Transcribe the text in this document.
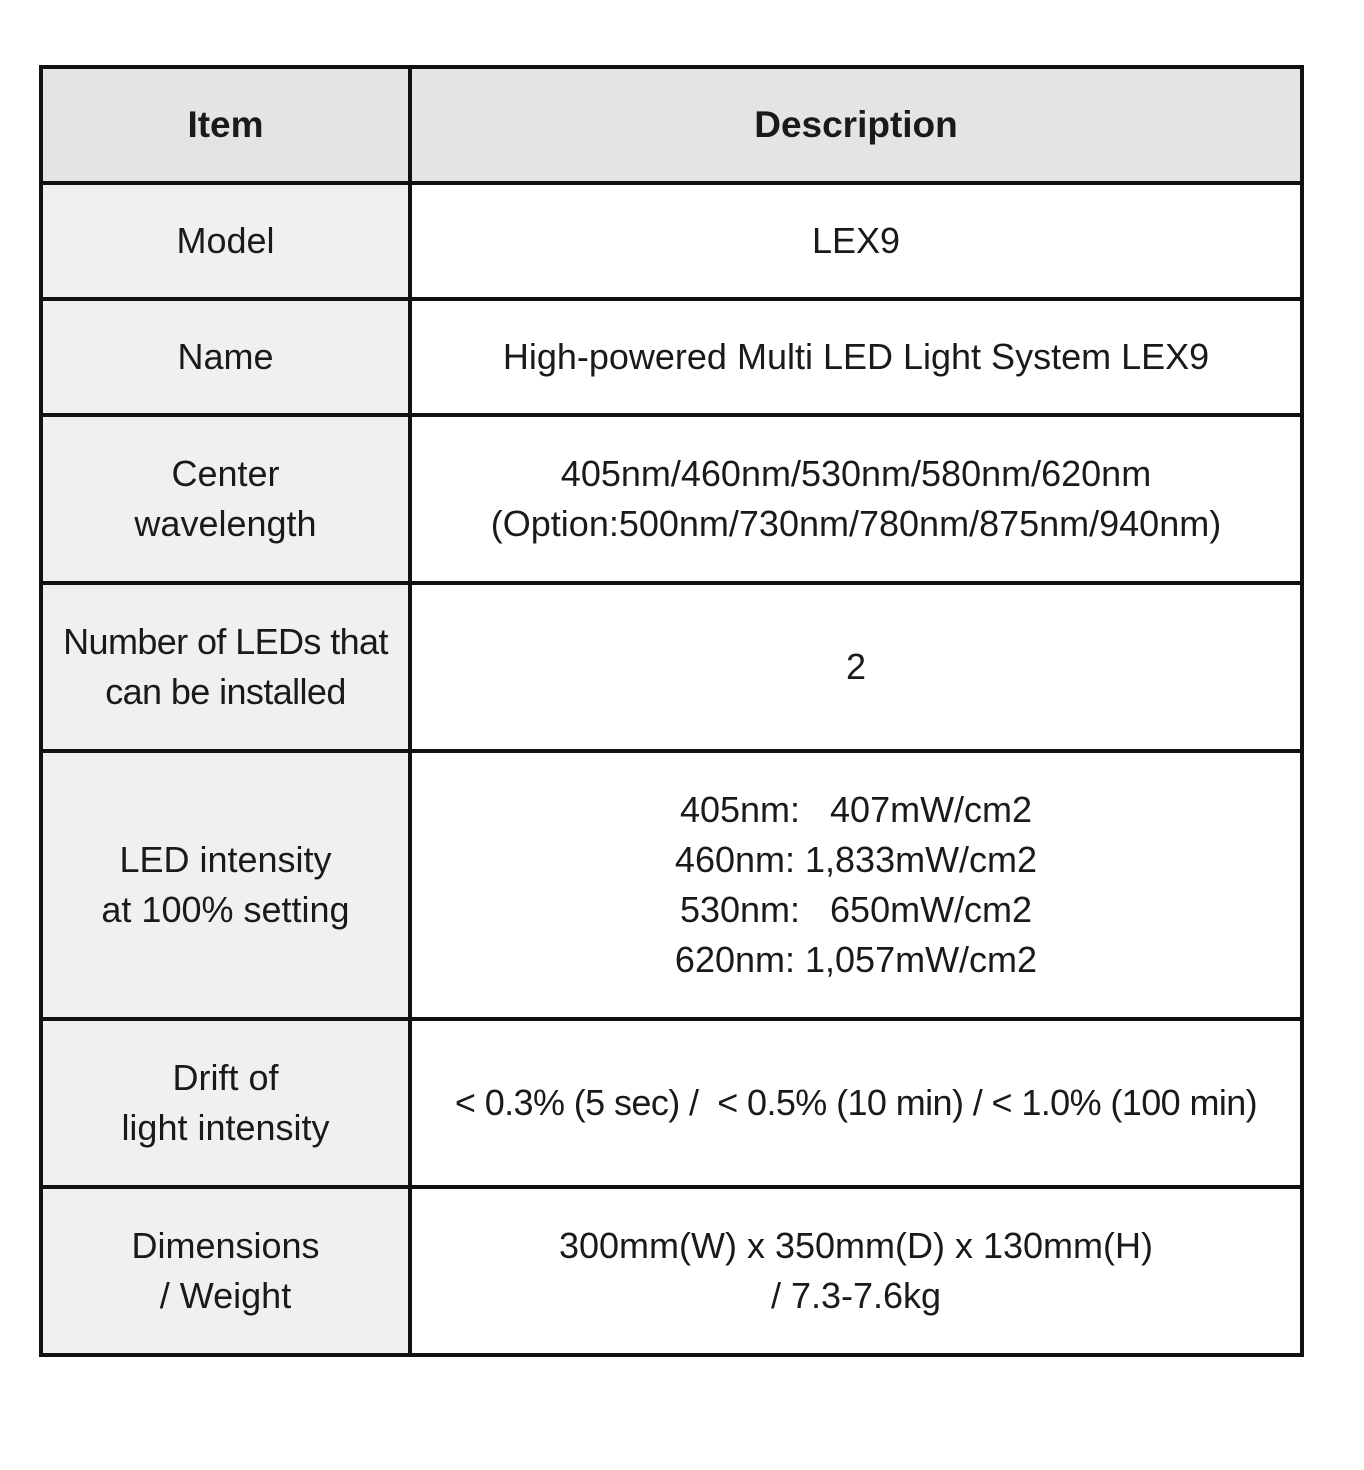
Item	Description

Model	LEX9

Name	High-powered Multi LED Light System LEX9

Center
wavelength	405nm/460nm/530nm/580nm/620nm
(Option:500nm/730nm/780nm/875nm/940nm)

Number of LEDs that
can be installed	2

LED intensity
at 100% setting	405nm:   407mW/cm2
460nm: 1,833mW/cm2
530nm:   650mW/cm2
620nm: 1,057mW/cm2

Drift of
light intensity	< 0.3% (5 sec) /  < 0.5% (10 min) / < 1.0% (100 min)

Dimensions
/ Weight	300mm(W) x 350mm(D) x 130mm(H)
/ 7.3-7.6kg
